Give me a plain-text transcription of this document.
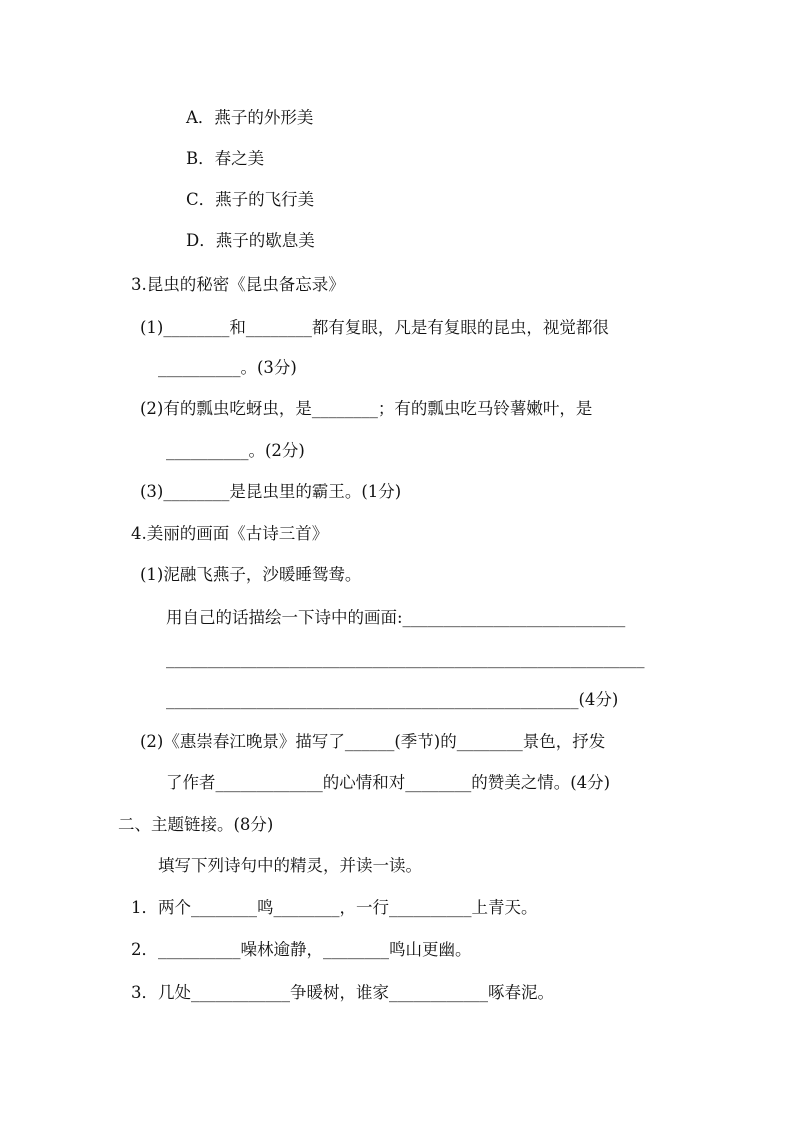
A．燕子的外形美
B．春之美
C．燕子的飞行美
D．燕子的歇息美
3.昆虫的秘密《昆虫备忘录》
(1)________和________都有复眼，凡是有复眼的昆虫，视觉都很
__________。(3分)
(2)有的瓢虫吃蚜虫，是________；有的瓢虫吃马铃薯嫩叶，是
__________。(2分)
(3)________是昆虫里的霸王。(1分)
4.美丽的画面《古诗三首》
(1)泥融飞燕子，沙暖睡鸳鸯。
用自己的话描绘一下诗中的画面:___________________________
__________________________________________________________
__________________________________________________(4分)
(2)《惠崇春江晚景》描写了______(季节)的________景色，抒发
了作者_____________的心情和对________的赞美之情。(4分)
二、主题链接。(8分)
填写下列诗句中的精灵，并读一读。
1．两个________鸣________，一行__________上青天。
2．__________噪林逾静，________鸣山更幽。
3．几处____________争暖树，谁家____________啄春泥。
